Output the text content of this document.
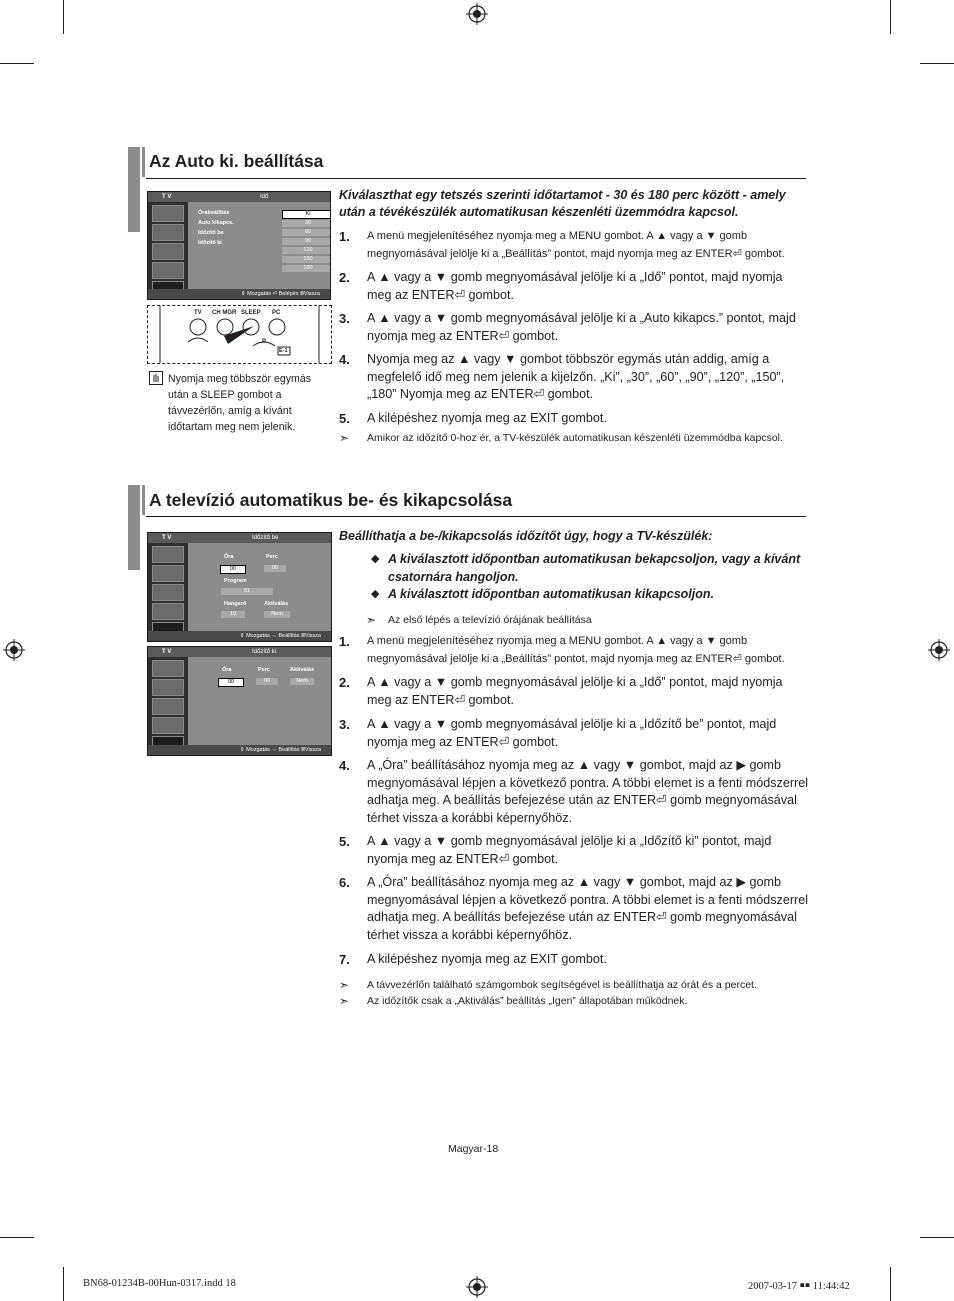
Az Auto ki. beállítása
T V	Idő
Órabeállítás
Auto kikapcs.
Időzítő be
Időzítő ki
Ki
30
60
90
120
150
180
⇕ Mozgatás ⏎ Belépés ⅢVissza
TV CH MGR SLEEP PC
P
E-1
Nyomja meg többször egymás után a SLEEP gombot a távvezérlőn, amíg a kívánt időtartam meg nem jelenik.
Kiválaszthat egy tetszés szerinti időtartamot - 30 és 180 perc között - amely után a tévékészülék automatikusan készenléti üzemmódra kapcsol.
1. A menü megjelenítéséhez nyomja meg a MENU gombot. A ▲ vagy a ▼ gomb megnyomásával jelölje ki a „Beállítás” pontot, majd nyomja meg az ENTER⏎ gombot.
2. A ▲ vagy a ▼ gomb megnyomásával jelölje ki a „Idő” pontot, majd nyomja meg az ENTER⏎ gombot.
3. A ▲ vagy a ▼ gomb megnyomásával jelölje ki a „Auto kikapcs.” pontot, majd nyomja meg az ENTER⏎ gombot.
4. Nyomja meg az ▲ vagy ▼ gombot többször egymás után addig, amíg a megfelelő idő meg nem jelenik a kijelzőn. „Ki”, „30”, „60”, „90”, „120”, „150”, „180” Nyomja meg az ENTER⏎ gombot.
5. A kilépéshez nyomja meg az EXIT gombot.
➣ Amikor az időzítő 0-hoz ér, a TV-készülék automatikusan készenléti üzemmódba kapcsol.
A televízió automatikus be- és kikapcsolása
T V	Időzítő be
Óra	Perc
00	00
Program
01
Hangerő	Aktiválás
10	Nem
⇕ Mozgatás ⇔ Beállítás ⅢVissza
T V	Időzítő ki
Óra	Perc	Aktiválás
00	00	Nem
⇕ Mozgatás ⇔ Beállítás ⅢVissza
Beállíthatja a be-/kikapcsolás időzítőt úgy, hogy a TV-készülék:
◆ A kiválasztott időpontban automatikusan bekapcsoljon, vagy a kívánt csatornára hangoljon.
◆ A kiválasztott időpontban automatikusan kikapcsoljon.
➣ Az első lépés a televízió órájának beállítása
1. A menü megjelenítéséhez nyomja meg a MENU gombot. A ▲ vagy a ▼ gomb megnyomásával jelölje ki a „Beállítás” pontot, majd nyomja meg az ENTER⏎ gombot.
2. A ▲ vagy a ▼ gomb megnyomásával jelölje ki a „Idő” pontot, majd nyomja meg az ENTER⏎ gombot.
3. A ▲ vagy a ▼ gomb megnyomásával jelölje ki a „Időzítő be” pontot, majd nyomja meg az ENTER⏎ gombot.
4. A „Óra” beállításához nyomja meg az ▲ vagy ▼ gombot, majd az ▶ gomb megnyomásával lépjen a következő pontra. A többi elemet is a fenti módszerrel adhatja meg. A beállítás befejezése után az ENTER⏎ gomb megnyomásával térhet vissza a korábbi képernyőhöz.
5. A ▲ vagy a ▼ gomb megnyomásával jelölje ki a „Időzítő ki” pontot, majd nyomja meg az ENTER⏎ gombot.
6. A „Óra” beállításához nyomja meg az ▲ vagy ▼ gombot, majd az ▶ gomb megnyomásával lépjen a következő pontra. A többi elemet is a fenti módszerrel adhatja meg. A beállítás befejezése után az ENTER⏎ gomb megnyomásával térhet vissza a korábbi képernyőhöz.
7. A kilépéshez nyomja meg az EXIT gombot.
➣ A távvezérlőn található számgombok segítségével is beállíthatja az órát és a percet.
➣ Az időzítők csak a „Aktiválás” beállítás „Igen” állapotában működnek.
Magyar-18
BN68-01234B-00Hun-0317.indd 18	2007-03-17 ￭￭ 11:44:42
